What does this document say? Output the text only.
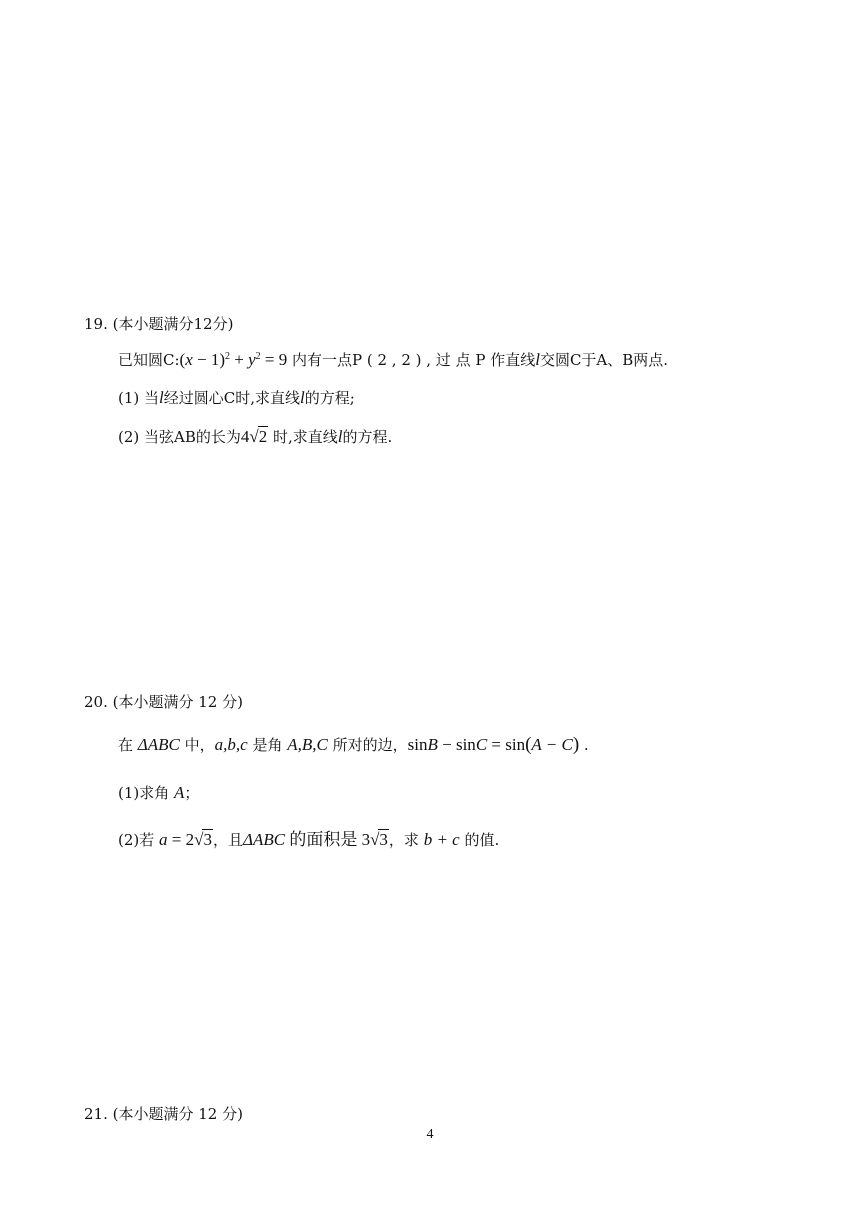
19. (本小题满分12分)
已知圆C:(x − $1)^2 + y^2 = 9$ 内有一点P ( 2 , 2 ) , 过 点 P 作直线l交圆C于A、B两点.
(1) 当l经过圆心C时,求直线l的方程;
(2) 当弦AB的长为4√2 时,求直线l的方程.
20. (本小题满分 12 分)
在 ΔABC 中，a,b,c 是角 A,B,C 所对的边，sinB − sinC = sin(A − C) .
(1)求角 A；
(2)若 a = 2√3，且ΔABC 的面积是 3√3，求 b + c 的值.
21. (本小题满分 12 分)
4
